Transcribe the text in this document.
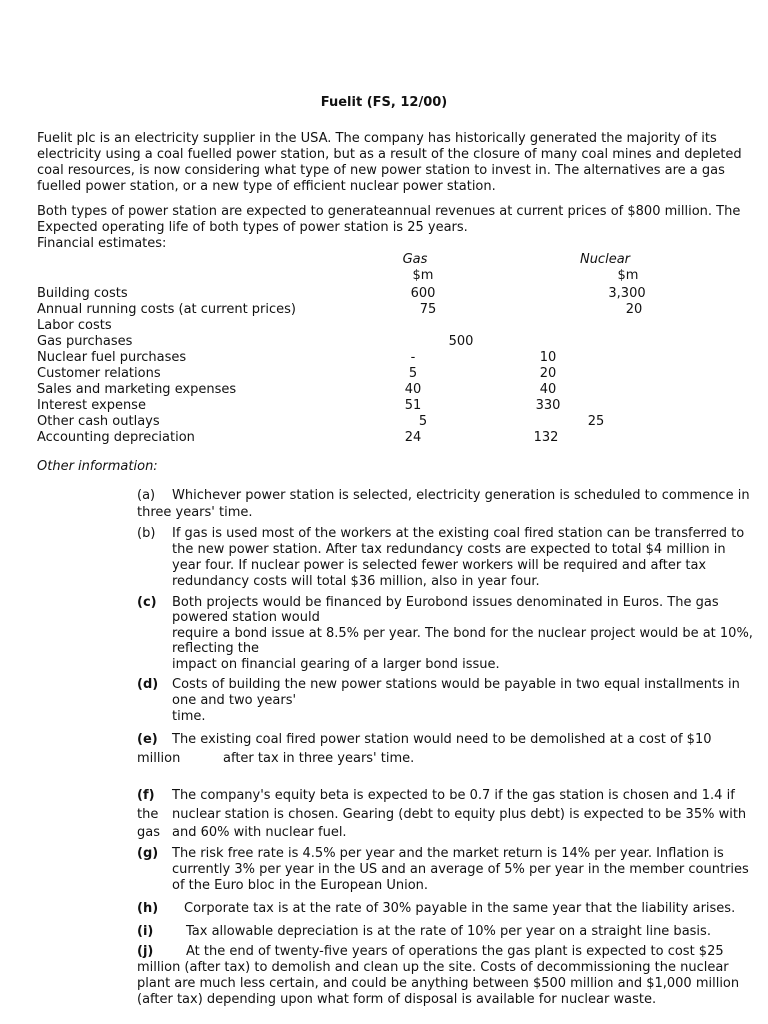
Fuelit (FS, 12/00)
Fuelit plc is an electricity supplier in the USA. The company has historically generated the majority of its
electricity using a coal fuelled power station, but as a result of the closure of many coal mines and depleted
coal resources, is now considering what type of new power station to invest in. The alternatives are a gas
fuelled power station, or a new type of efficient nuclear power station.
Both types of power station are expected to generateannual revenues at current prices of $800 million. The
Expected operating life of both types of power station is 25 years.
Financial estimates:
Gas	Nuclear
$m	$m
Building costs	600	3,300
Annual running costs (at current prices)	75	20
Labor costs
Gas purchases	500
Nuclear fuel purchases	-	10
Customer relations	5	20
Sales and marketing expenses	40	40
Interest expense	51	330
Other cash outlays	5	25
Accounting depreciation	24	132
Other information:
(a) Whichever power station is selected, electricity generation is scheduled to commence in
three years' time.
(b) If gas is used most of the workers at the existing coal fired station can be transferred to
the new power station. After tax redundancy costs are expected to total $4 million in
year four. If nuclear power is selected fewer workers will be required and after tax
redundancy costs will total $36 million, also in year four.
(c) Both projects would be financed by Eurobond issues denominated in Euros. The gas
powered station would
require a bond issue at 8.5% per year. The bond for the nuclear project would be at 10%,
reflecting the
impact on financial gearing of a larger bond issue.
(d) Costs of building the new power stations would be payable in two equal installments in
one and two years'
time.
(e) The existing coal fired power station would need to be demolished at a cost of $10
million	after tax in three years' time.
(f) The company's equity beta is expected to be 0.7 if the gas station is chosen and 1.4 if
the nuclear station is chosen. Gearing (debt to equity plus debt) is expected to be 35% with
gas and 60% with nuclear fuel.
(g) The risk free rate is 4.5% per year and the market return is 14% per year. Inflation is
currently 3% per year in the US and an average of 5% per year in the member countries
of the Euro bloc in the European Union.
(h) Corporate tax is at the rate of 30% payable in the same year that the liability arises.
(i)	Tax allowable depreciation is at the rate of 10% per year on a straight line basis.
(j)	At the end of twenty-five years of operations the gas plant is expected to cost $25
million (after tax) to demolish and clean up the site. Costs of decommissioning the nuclear
plant are much less certain, and could be anything between $500 million and $1,000 million
(after tax) depending upon what form of disposal is available for nuclear waste.
